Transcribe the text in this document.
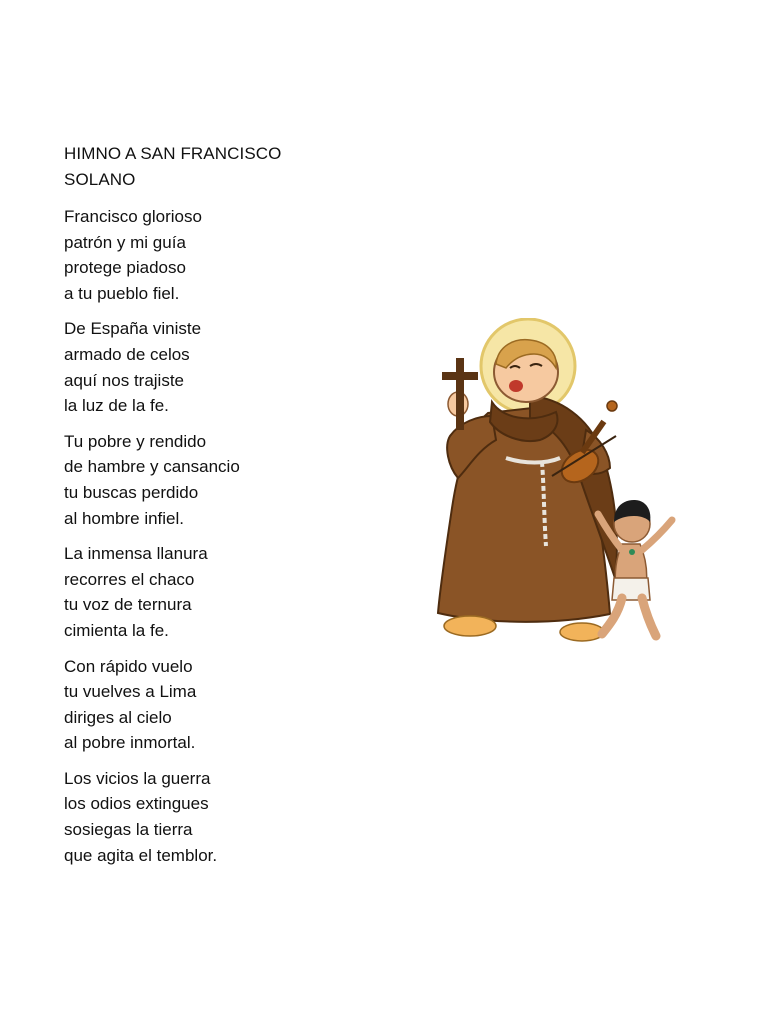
HIMNO A SAN FRANCISCO
SOLANO
Francisco glorioso
patrón y mi guía
protege piadoso
a tu pueblo fiel.
De España viniste
armado de celos
aquí nos trajiste
la luz de la fe.
Tu pobre y rendido
de hambre y cansancio
tu buscas perdido
al hombre infiel.
La inmensa llanura
recorres el chaco
tu voz de ternura
cimienta la fe.
Con rápido vuelo
tu vuelves a Lima
diriges al cielo
al pobre inmortal.
Los vicios la guerra
los odios extingues
sosiegas la tierra
que agita el temblor.
